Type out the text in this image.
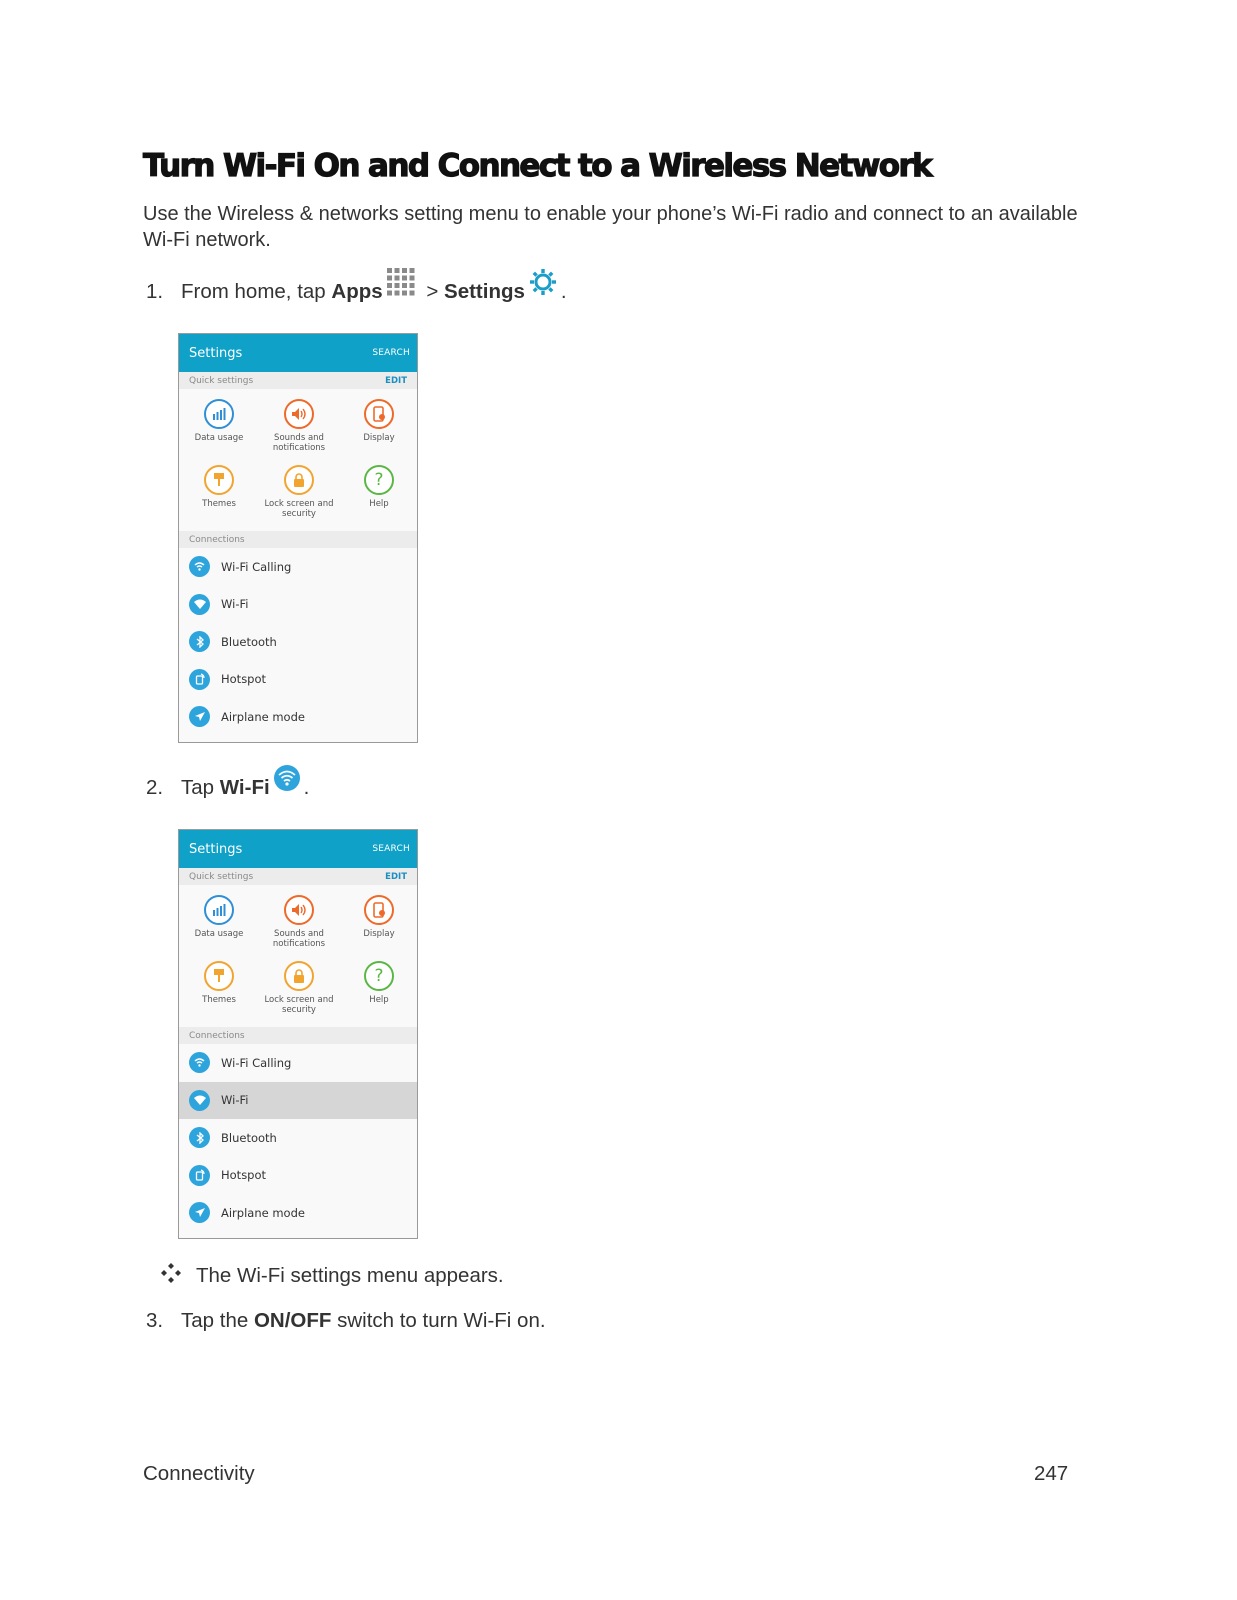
Turn Wi-Fi On and Connect to a Wireless Network
Use the Wireless & networks setting menu to enable your phone’s Wi-Fi radio and connect to an available Wi-Fi network.
1. From home, tap Apps > Settings .
Settings	SEARCH
Quick settings	EDIT
Data usage	Sounds and notifications
Display
Themes	Lock screen and security
?
Help
Connections
Wi-Fi Calling
Wi-Fi
Bluetooth
Hotspot
Airplane mode
2. Tap Wi-Fi .
Settings	SEARCH
Quick settings	EDIT
Data usage	Sounds and notifications
Display
Themes	Lock screen and security
?
Help
Connections
Wi-Fi Calling
Wi-Fi
Bluetooth
Hotspot
Airplane mode
The Wi-Fi settings menu appears.
3. Tap the ON/OFF switch to turn Wi-Fi on.
Connectivity	247
